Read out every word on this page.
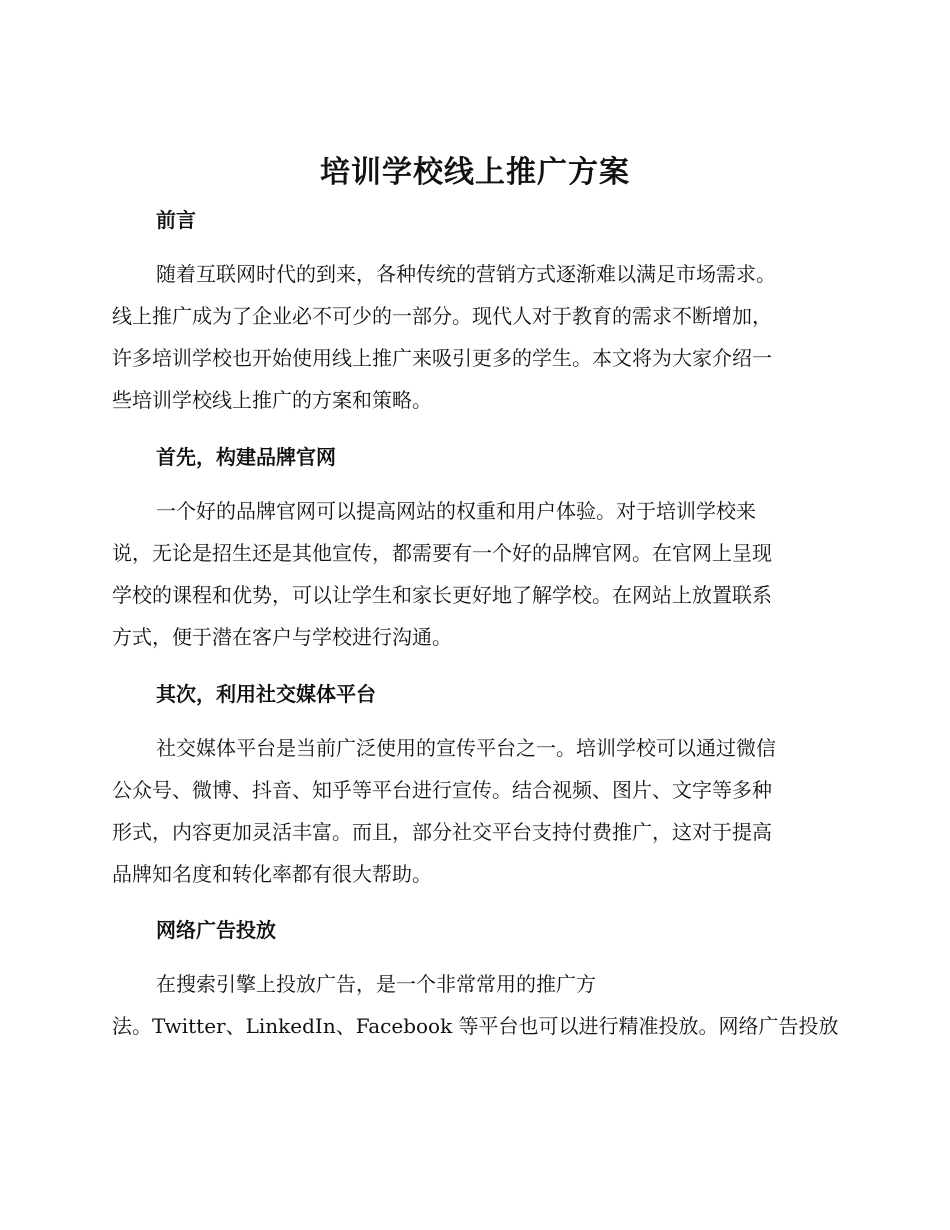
培训学校线上推广方案
前言
随着互联网时代的到来，各种传统的营销方式逐渐难以满足市场需求。
线上推广成为了企业必不可少的一部分。现代人对于教育的需求不断增加，
许多培训学校也开始使用线上推广来吸引更多的学生。本文将为大家介绍一
些培训学校线上推广的方案和策略。
首先，构建品牌官网
一个好的品牌官网可以提高网站的权重和用户体验。对于培训学校来
说，无论是招生还是其他宣传，都需要有一个好的品牌官网。在官网上呈现
学校的课程和优势，可以让学生和家长更好地了解学校。在网站上放置联系
方式，便于潜在客户与学校进行沟通。
其次，利用社交媒体平台
社交媒体平台是当前广泛使用的宣传平台之一。培训学校可以通过微信
公众号、微博、抖音、知乎等平台进行宣传。结合视频、图片、文字等多种
形式，内容更加灵活丰富。而且，部分社交平台支持付费推广，这对于提高
品牌知名度和转化率都有很大帮助。
网络广告投放
在搜索引擎上投放广告，是一个非常常用的推广方
法。Twitter、LinkedIn、Facebook 等平台也可以进行精准投放。网络广告投放
